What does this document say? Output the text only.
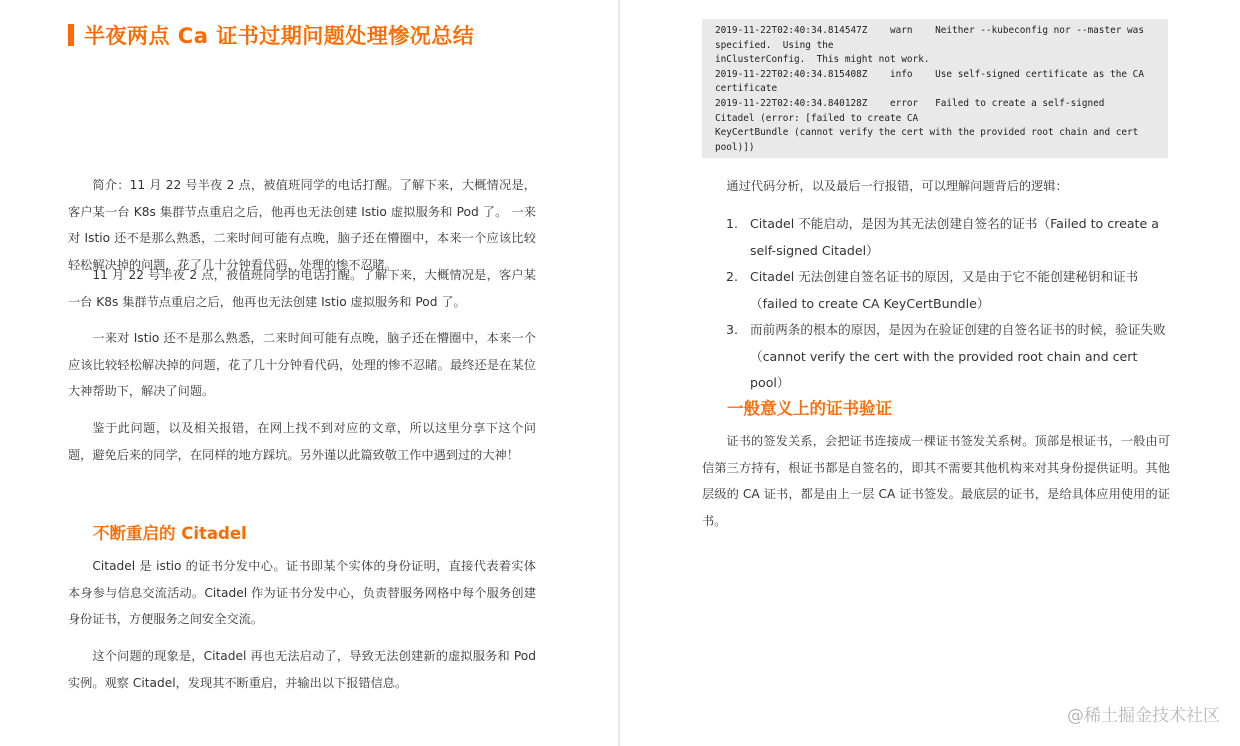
半夜两点 Ca 证书过期问题处理惨况总结

简介：11 月 22 号半夜 2 点，被值班同学的电话打醒。了解下来，大概情况是，客户某一台 K8s 集群节点重启之后，他再也无法创建 Istio 虚拟服务和 Pod 了。 一来对 Istio 还不是那么熟悉，二来时间可能有点晚，脑子还在懵圈中，本来一个应该比较轻松解决掉的问题，花了几十分钟看代码，处理的惨不忍睹。

11 月 22 号半夜 2 点，被值班同学的电话打醒。了解下来，大概情况是，客户某一台 K8s 集群节点重启之后，他再也无法创建 Istio 虚拟服务和 Pod 了。

一来对 Istio 还不是那么熟悉，二来时间可能有点晚，脑子还在懵圈中，本来一个应该比较轻松解决掉的问题，花了几十分钟看代码，处理的惨不忍睹。最终还是在某位大神帮助下，解决了问题。

鉴于此问题，以及相关报错，在网上找不到对应的文章，所以这里分享下这个问题，避免后来的同学，在同样的地方踩坑。另外谨以此篇致敬工作中遇到过的大神！

不断重启的 Citadel

Citadel 是 istio 的证书分发中心。证书即某个实体的身份证明，直接代表着实体本身参与信息交流活动。Citadel 作为证书分发中心，负责替服务网格中每个服务创建身份证书，方便服务之间安全交流。

这个问题的现象是，Citadel 再也无法启动了，导致无法创建新的虚拟服务和 Pod 实例。观察 Citadel，发现其不断重启，并输出以下报错信息。

2019-11-22T02:40:34.814547Z    warn    Neither --kubeconfig nor --master was

specified.  Using the

inClusterConfig.  This might not work.

2019-11-22T02:40:34.815408Z    info    Use self-signed certificate as the CA

certificate

2019-11-22T02:40:34.840128Z    error   Failed to create a self-signed

Citadel (error: [failed to create CA

KeyCertBundle (cannot verify the cert with the provided root chain and cert

pool)])

通过代码分析，以及最后一行报错，可以理解问题背后的逻辑：

1. Citadel 不能启动，是因为其无法创建自签名的证书（Failed to create a self-signed Citadel）
2. Citadel 无法创建自签名证书的原因，又是由于它不能创建秘钥和证书（failed to create CA KeyCertBundle）
3. 而前两条的根本的原因，是因为在验证创建的自签名证书的时候，验证失败（cannot verify the cert with the provided root chain and cert pool）
一般意义上的证书验证

证书的签发关系，会把证书连接成一棵证书签发关系树。顶部是根证书，一般由可信第三方持有，根证书都是自签名的，即其不需要其他机构来对其身份提供证明。其他层级的 CA 证书，都是由上一层 CA 证书签发。最底层的证书，是给具体应用使用的证书。

@稀土掘金技术社区
